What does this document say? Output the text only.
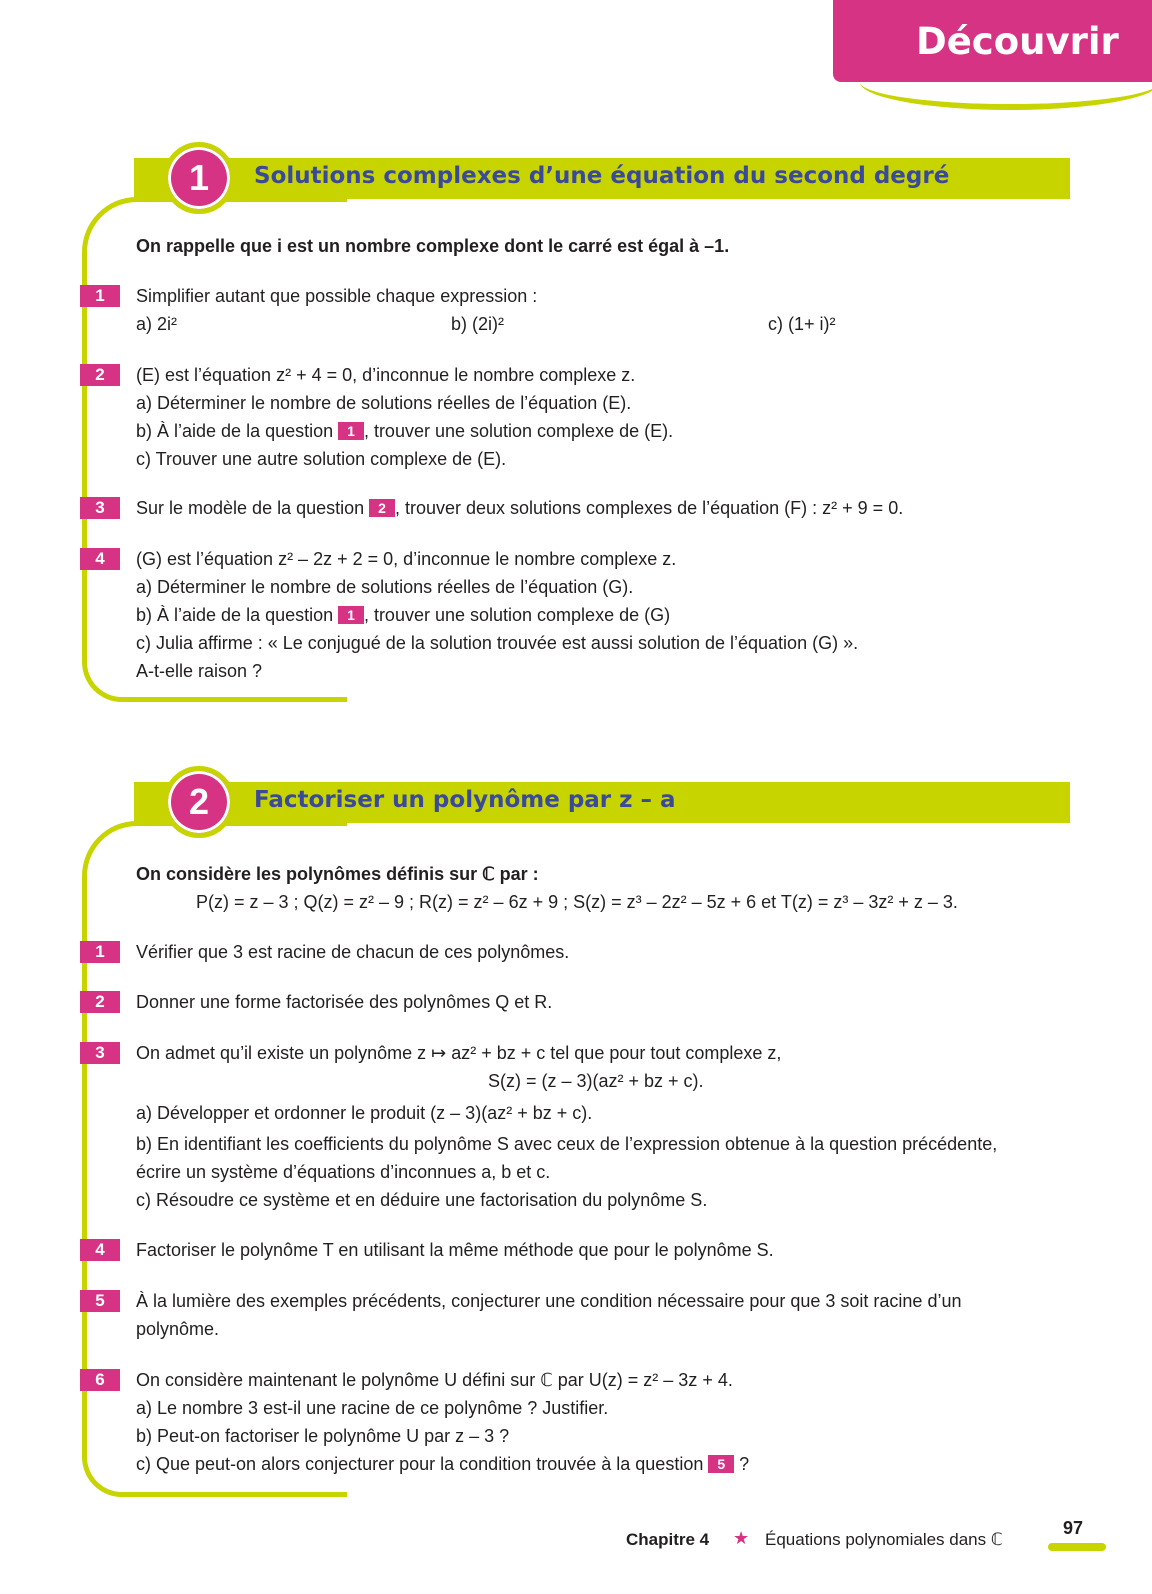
Découvrir
1	Solutions complexes d’une équation du second degré
On rappelle que i est un nombre complexe dont le carré est égal à –1.
1	Simplifier autant que possible chaque expression :
a) 2i²	b) (2i)²	c) (1+ i)²
2	(E) est l’équation z² + 4 = 0, d’inconnue le nombre complexe z.
a) Déterminer le nombre de solutions réelles de l’équation (E).
b) À l’aide de la question 1 , trouver une solution complexe de (E).
c) Trouver une autre solution complexe de (E).
3	Sur le modèle de la question 2 , trouver deux solutions complexes de l’équation (F) : z² + 9 = 0.
4	(G) est l’équation z² – 2z + 2 = 0, d’inconnue le nombre complexe z.
a) Déterminer le nombre de solutions réelles de l’équation (G).
b) À l’aide de la question 1 , trouver une solution complexe de (G)
c) Julia affirme : « Le conjugué de la solution trouvée est aussi solution de l’équation (G) ».
A-t-elle raison ?
2	Factoriser un polynôme par z – a
On considère les polynômes définis sur ℂ par :
P(z) = z – 3 ; Q(z) = z² – 9 ; R(z) = z² – 6z + 9 ; S(z) = z³ – 2z² – 5z + 6 et T(z) = z³ – 3z² + z – 3.
1	Vérifier que 3 est racine de chacun de ces polynômes.
2	Donner une forme factorisée des polynômes Q et R.
3	On admet qu’il existe un polynôme z ↦ az² + bz + c tel que pour tout complexe z,
S(z) = (z – 3)(az² + bz + c).
a) Développer et ordonner le produit (z – 3)(az² + bz + c).
b) En identifiant les coefficients du polynôme S avec ceux de l’expression obtenue à la question précédente,
écrire un système d’équations d’inconnues a, b et c.
c) Résoudre ce système et en déduire une factorisation du polynôme S.
4	Factoriser le polynôme T en utilisant la même méthode que pour le polynôme S.
5	À la lumière des exemples précédents, conjecturer une condition nécessaire pour que 3 soit racine d’un
polynôme.
6	On considère maintenant le polynôme U défini sur ℂ par U(z) = z² – 3z + 4.
a) Le nombre 3 est-il une racine de ce polynôme ? Justifier.
b) Peut-on factoriser le polynôme U par z – 3 ?
c) Que peut-on alors conjecturer pour la condition trouvée à la question 5 ?
Chapitre 4 ★ Équations polynomiales dans ℂ
97
